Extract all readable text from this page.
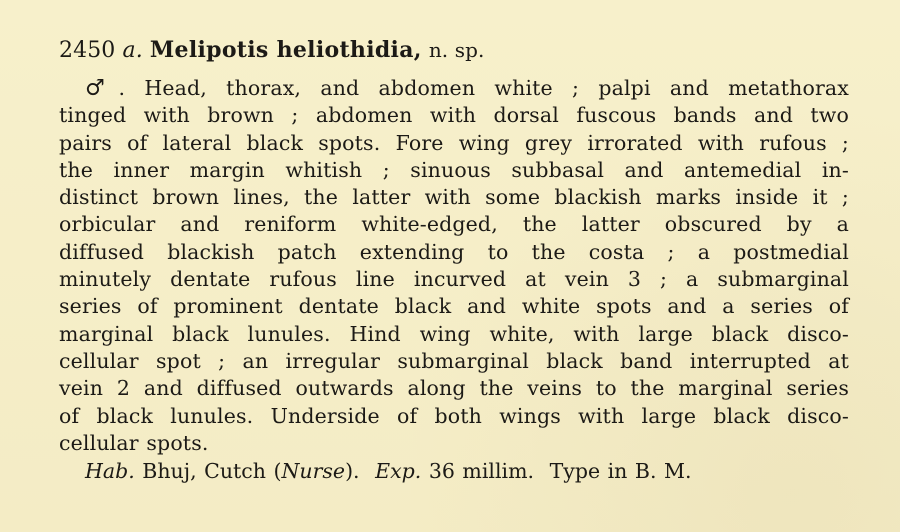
2450 a. Melipotis heliothidia, n. sp.
♂. Head, thorax, and abdomen white ; palpi and metathorax
tinged with brown ; abdomen with dorsal fuscous bands and two
pairs of lateral black spots. Fore wing grey irrorated with rufous ;
the inner margin whitish ; sinuous subbasal and antemedial in-
distinct brown lines, the latter with some blackish marks inside it ;
orbicular and reniform white-edged, the latter obscured by a
diffused blackish patch extending to the costa ; a postmedial
minutely dentate rufous line incurved at vein 3 ; a submarginal
series of prominent dentate black and white spots and a series of
marginal black lunules. Hind wing white, with large black disco-
cellular spot ; an irregular submarginal black band interrupted at
vein 2 and diffused outwards along the veins to the marginal series
of black lunules. Underside of both wings with large black disco-
cellular spots.
Hab. Bhuj, Cutch (Nurse). Exp. 36 millim. Type in B. M.
